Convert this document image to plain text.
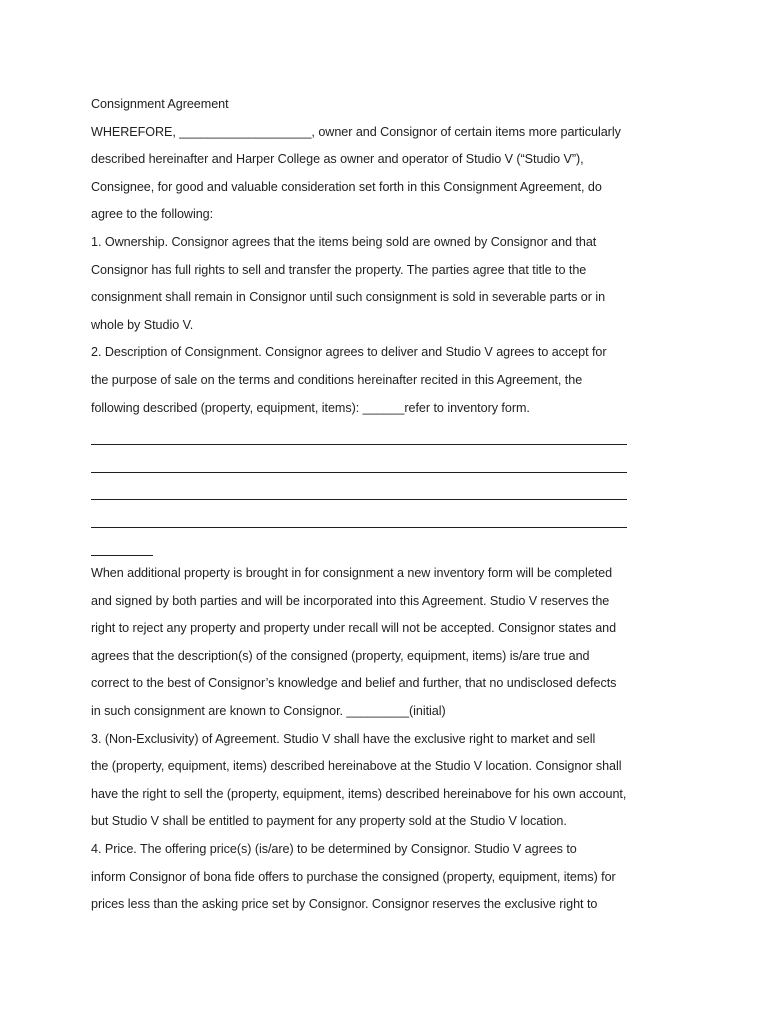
Consignment Agreement
WHEREFORE, ___________________, owner and Consignor of certain items more particularly
described hereinafter and Harper College as owner and operator of Studio V (“Studio V”),
Consignee, for good and valuable consideration set forth in this Consignment Agreement, do
agree to the following:
1. Ownership. Consignor agrees that the items being sold are owned by Consignor and that
Consignor has full rights to sell and transfer the property. The parties agree that title to the
consignment shall remain in Consignor until such consignment is sold in severable parts or in
whole by Studio V.
2. Description of Consignment. Consignor agrees to deliver and Studio V agrees to accept for
the purpose of sale on the terms and conditions hereinafter recited in this Agreement, the
following described (property, equipment, items): ______refer to inventory form.
When additional property is brought in for consignment a new inventory form will be completed
and signed by both parties and will be incorporated into this Agreement. Studio V reserves the
right to reject any property and property under recall will not be accepted. Consignor states and
agrees that the description(s) of the consigned (property, equipment, items) is/are true and
correct to the best of Consignor’s knowledge and belief and further, that no undisclosed defects
in such consignment are known to Consignor. _________(initial)
3. (Non-Exclusivity) of Agreement. Studio V shall have the exclusive right to market and sell
the (property, equipment, items) described hereinabove at the Studio V location. Consignor shall
have the right to sell the (property, equipment, items) described hereinabove for his own account,
but Studio V shall be entitled to payment for any property sold at the Studio V location.
4. Price. The offering price(s) (is/are) to be determined by Consignor. Studio V agrees to
inform Consignor of bona fide offers to purchase the consigned (property, equipment, items) for
prices less than the asking price set by Consignor. Consignor reserves the exclusive right to
